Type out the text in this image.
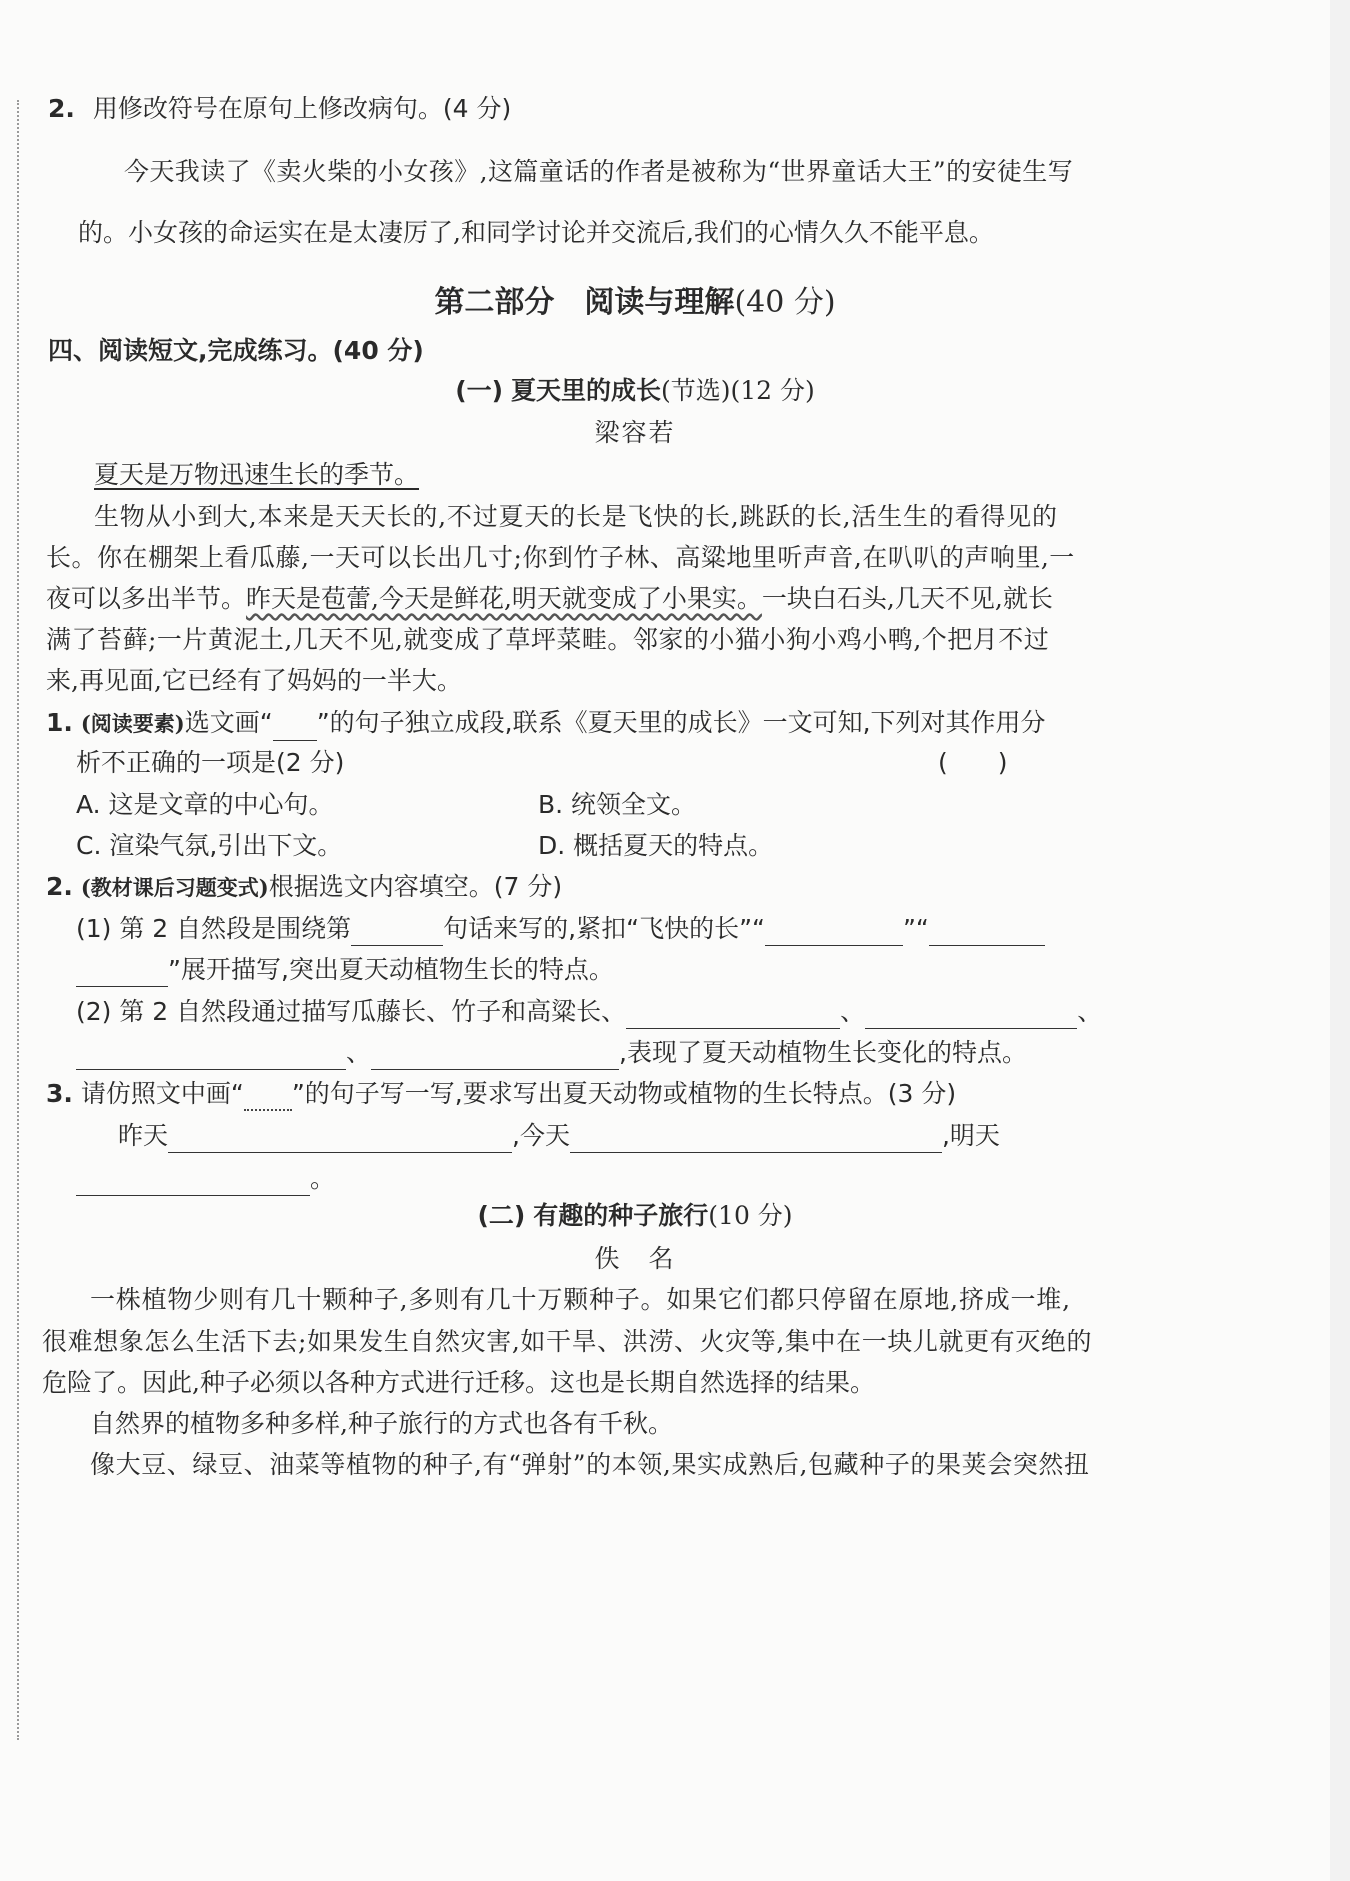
2. 用修改符号在原句上修改病句。(4 分)
今天我读了《卖火柴的小女孩》,这篇童话的作者是被称为“世界童话大王”的安徒生写
的。小女孩的命运实在是太凄厉了,和同学讨论并交流后,我们的心情久久不能平息。
第二部分　阅读与理解(40 分)
四、阅读短文,完成练习。(40 分)
(一) 夏天里的成长(节选)(12 分)
梁容若
夏天是万物迅速生长的季节。
生物从小到大,本来是天天长的,不过夏天的长是飞快的长,跳跃的长,活生生的看得见的
长。你在棚架上看瓜藤,一天可以长出几寸;你到竹子林、高粱地里听声音,在叭叭的声响里,一
夜可以多出半节。昨天是苞蕾,今天是鲜花,明天就变成了小果实。一块白石头,几天不见,就长
满了苔藓;一片黄泥土,几天不见,就变成了草坪菜畦。邻家的小猫小狗小鸡小鸭,个把月不过
来,再见面,它已经有了妈妈的一半大。
1. (阅读要素)选文画“ ”的句子独立成段,联系《夏天里的成长》一文可知,下列对其作用分
析不正确的一项是(2 分)	(　　)
A. 这是文章的中心句。	B. 统领全文。
C. 渲染气氛,引出下文。	D. 概括夏天的特点。
2. (教材课后习题变式)根据选文内容填空。(7 分)
(1) 第 2 自然段是围绕第	句话来写的,紧扣“飞快的长”“	”“
”展开描写,突出夏天动植物生长的特点。
(2) 第 2 自然段通过描写瓜藤长、竹子和高粱长、	、	、
、	,表现了夏天动植物生长变化的特点。
3. 请仿照文中画“ ”的句子写一写,要求写出夏天动物或植物的生长特点。(3 分)
昨天	,今天	,明天
。
(二) 有趣的种子旅行(10 分)
佚　名
一株植物少则有几十颗种子,多则有几十万颗种子。如果它们都只停留在原地,挤成一堆,
很难想象怎么生活下去;如果发生自然灾害,如干旱、洪涝、火灾等,集中在一块儿就更有灭绝的
危险了。因此,种子必须以各种方式进行迁移。这也是长期自然选择的结果。
自然界的植物多种多样,种子旅行的方式也各有千秋。
像大豆、绿豆、油菜等植物的种子,有“弹射”的本领,果实成熟后,包藏种子的果荚会突然扭
